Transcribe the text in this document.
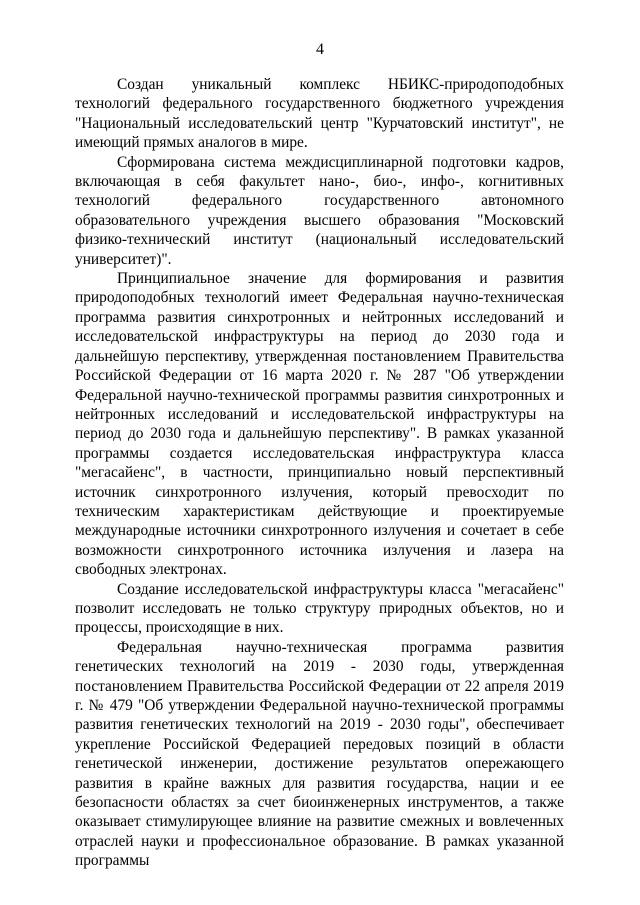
4

Создан уникальный комплекс НБИКС-природоподобных технологий федерального государственного бюджетного учреждения "Национальный исследовательский центр "Курчатовский институт", не имеющий прямых аналогов в мире.

Сформирована система междисциплинарной подготовки кадров, включающая в себя факультет нано-, био-, инфо-, когнитивных технологий федерального государственного автономного образовательного учреждения высшего образования "Московский физико-технический институт (национальный исследовательский университет)".

Принципиальное значение для формирования и развития природоподобных технологий имеет Федеральная научно-техническая программа развития синхротронных и нейтронных исследований и исследовательской инфраструктуры на период до 2030 года и дальнейшую перспективу, утвержденная постановлением Правительства Российской Федерации от 16 марта 2020 г. № 287 "Об утверждении Федеральной научно-технической программы развития синхротронных и нейтронных исследований и исследовательской инфраструктуры на период до 2030 года и дальнейшую перспективу". В рамках указанной программы создается исследовательская инфраструктура класса "мегасайенс", в частности, принципиально новый перспективный источник синхротронного излучения, который превосходит по техническим характеристикам действующие и проектируемые международные источники синхротронного излучения и сочетает в себе возможности синхротронного источника излучения и лазера на свободных электронах.

Создание исследовательской инфраструктуры класса "мегасайенс" позволит исследовать не только структуру природных объектов, но и процессы, происходящие в них.

Федеральная научно-техническая программа развития генетических технологий на 2019 - 2030 годы, утвержденная постановлением Правительства Российской Федерации от 22 апреля 2019 г. № 479 "Об утверждении Федеральной научно-технической программы развития генетических технологий на 2019 - 2030 годы", обеспечивает укрепление Российской Федерацией передовых позиций в области генетической инженерии, достижение результатов опережающего развития в крайне важных для развития государства, нации и ее безопасности областях за счет биоинженерных инструментов, а также оказывает стимулирующее влияние на развитие смежных и вовлеченных отраслей науки и профессиональное образование. В рамках указанной программы
